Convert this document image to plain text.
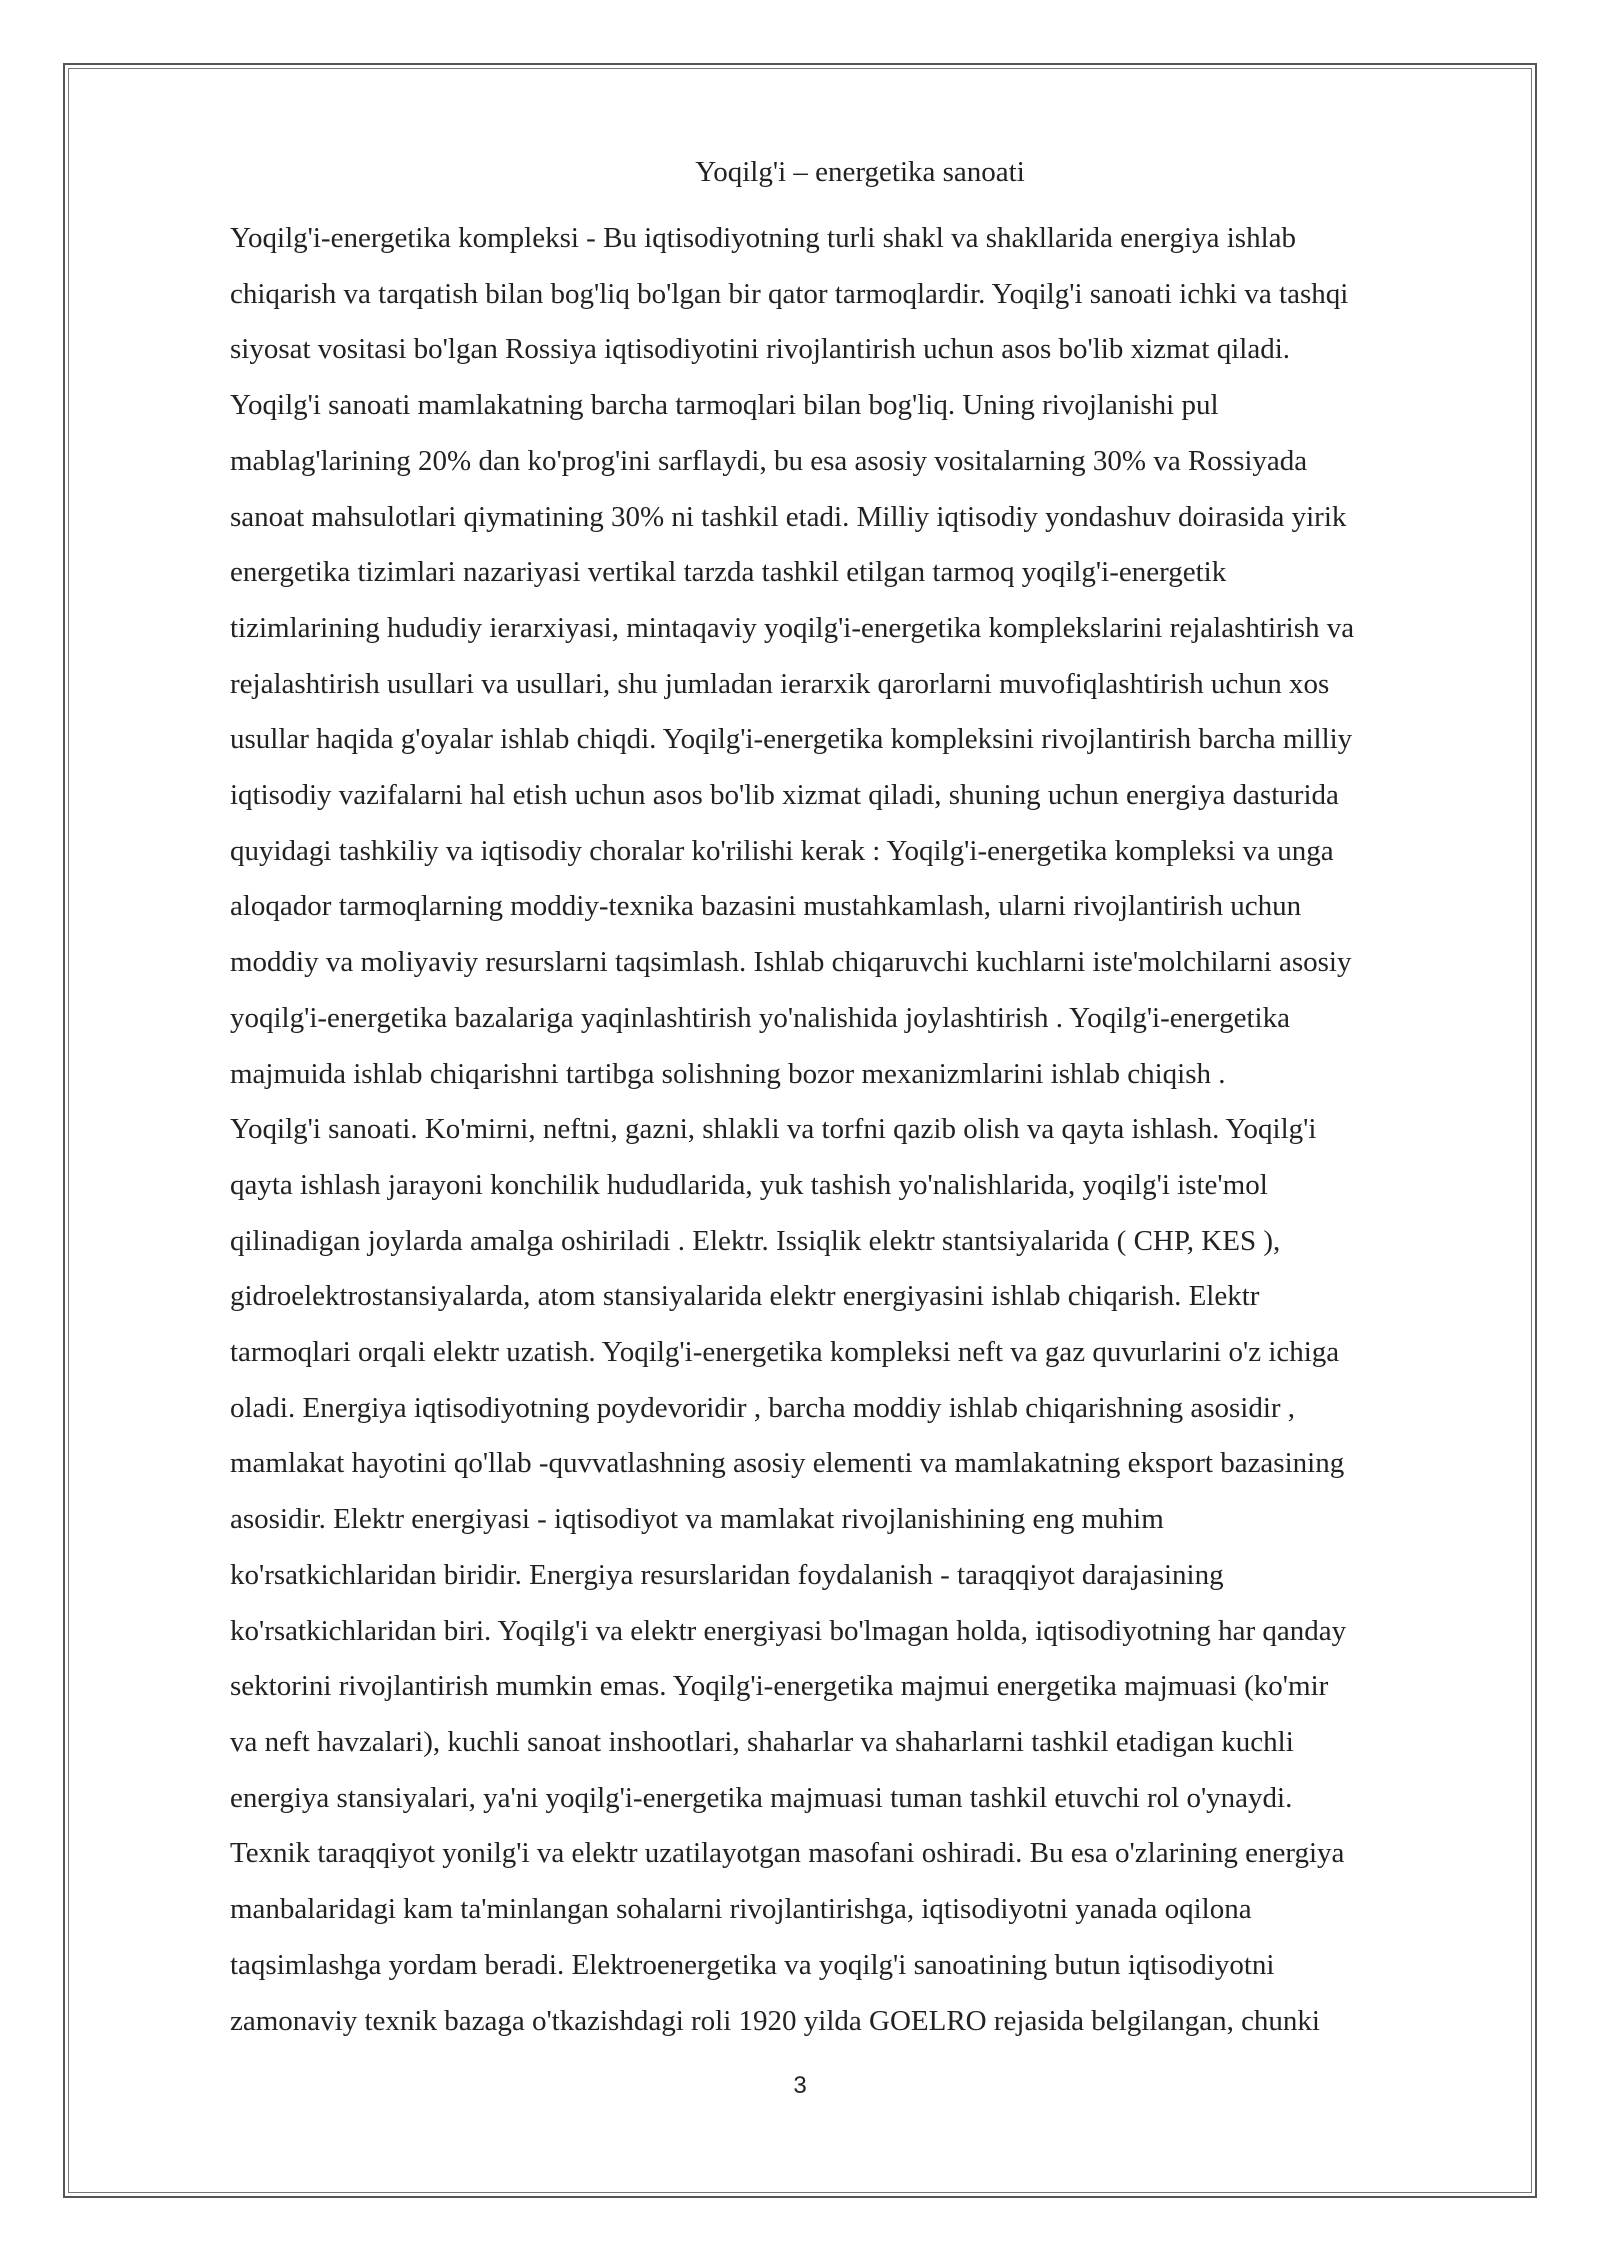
Yoqilg'i – energetika sanoati
Yoqilg'i-energetika kompleksi - Bu iqtisodiyotning turli shakl va shakllarida energiya ishlab
chiqarish va tarqatish bilan bog'liq bo'lgan bir qator tarmoqlardir. Yoqilg'i sanoati ichki va tashqi
siyosat vositasi bo'lgan Rossiya iqtisodiyotini rivojlantirish uchun asos bo'lib xizmat qiladi.
Yoqilg'i sanoati mamlakatning barcha tarmoqlari bilan bog'liq. Uning rivojlanishi pul
mablag'larining 20% dan ko'prog'ini sarflaydi, bu esa asosiy vositalarning 30% va Rossiyada
sanoat mahsulotlari qiymatining 30% ni tashkil etadi. Milliy iqtisodiy yondashuv doirasida yirik
energetika tizimlari nazariyasi vertikal tarzda tashkil etilgan tarmoq yoqilg'i-energetik
tizimlarining hududiy ierarxiyasi, mintaqaviy yoqilg'i-energetika komplekslarini rejalashtirish va
rejalashtirish usullari va usullari, shu jumladan ierarxik qarorlarni muvofiqlashtirish uchun xos
usullar haqida g'oyalar ishlab chiqdi. Yoqilg'i-energetika kompleksini rivojlantirish barcha milliy
iqtisodiy vazifalarni hal etish uchun asos bo'lib xizmat qiladi, shuning uchun energiya dasturida
quyidagi tashkiliy va iqtisodiy choralar ko'rilishi kerak : Yoqilg'i-energetika kompleksi va unga
aloqador tarmoqlarning moddiy-texnika bazasini mustahkamlash, ularni rivojlantirish uchun
moddiy va moliyaviy resurslarni taqsimlash. Ishlab chiqaruvchi kuchlarni iste'molchilarni asosiy
yoqilg'i-energetika bazalariga yaqinlashtirish yo'nalishida joylashtirish . Yoqilg'i-energetika
majmuida ishlab chiqarishni tartibga solishning bozor mexanizmlarini ishlab chiqish .
Yoqilg'i sanoati. Ko'mirni, neftni, gazni, shlakli va torfni qazib olish va qayta ishlash. Yoqilg'i
qayta ishlash jarayoni konchilik hududlarida, yuk tashish yo'nalishlarida, yoqilg'i iste'mol
qilinadigan joylarda amalga oshiriladi . Elektr. Issiqlik elektr stantsiyalarida ( CHP, KES ),
gidroelektrostansiyalarda, atom stansiyalarida elektr energiyasini ishlab chiqarish. Elektr
tarmoqlari orqali elektr uzatish. Yoqilg'i-energetika kompleksi neft va gaz quvurlarini o'z ichiga
oladi. Energiya iqtisodiyotning poydevoridir , barcha moddiy ishlab chiqarishning asosidir ,
mamlakat hayotini qo'llab -quvvatlashning asosiy elementi va mamlakatning eksport bazasining
asosidir. Elektr energiyasi - iqtisodiyot va mamlakat rivojlanishining eng muhim
ko'rsatkichlaridan biridir. Energiya resurslaridan foydalanish - taraqqiyot darajasining
ko'rsatkichlaridan biri. Yoqilg'i va elektr energiyasi bo'lmagan holda, iqtisodiyotning har qanday
sektorini rivojlantirish mumkin emas. Yoqilg'i-energetika majmui energetika majmuasi (ko'mir
va neft havzalari), kuchli sanoat inshootlari, shaharlar va shaharlarni tashkil etadigan kuchli
energiya stansiyalari, ya'ni yoqilg'i-energetika majmuasi tuman tashkil etuvchi rol o'ynaydi.
Texnik taraqqiyot yonilg'i va elektr uzatilayotgan masofani oshiradi. Bu esa o'zlarining energiya
manbalaridagi kam ta'minlangan sohalarni rivojlantirishga, iqtisodiyotni yanada oqilona
taqsimlashga yordam beradi. Elektroenergetika va yoqilg'i sanoatining butun iqtisodiyotni
zamonaviy texnik bazaga o'tkazishdagi roli 1920 yilda GOELRO rejasida belgilangan, chunki
3
